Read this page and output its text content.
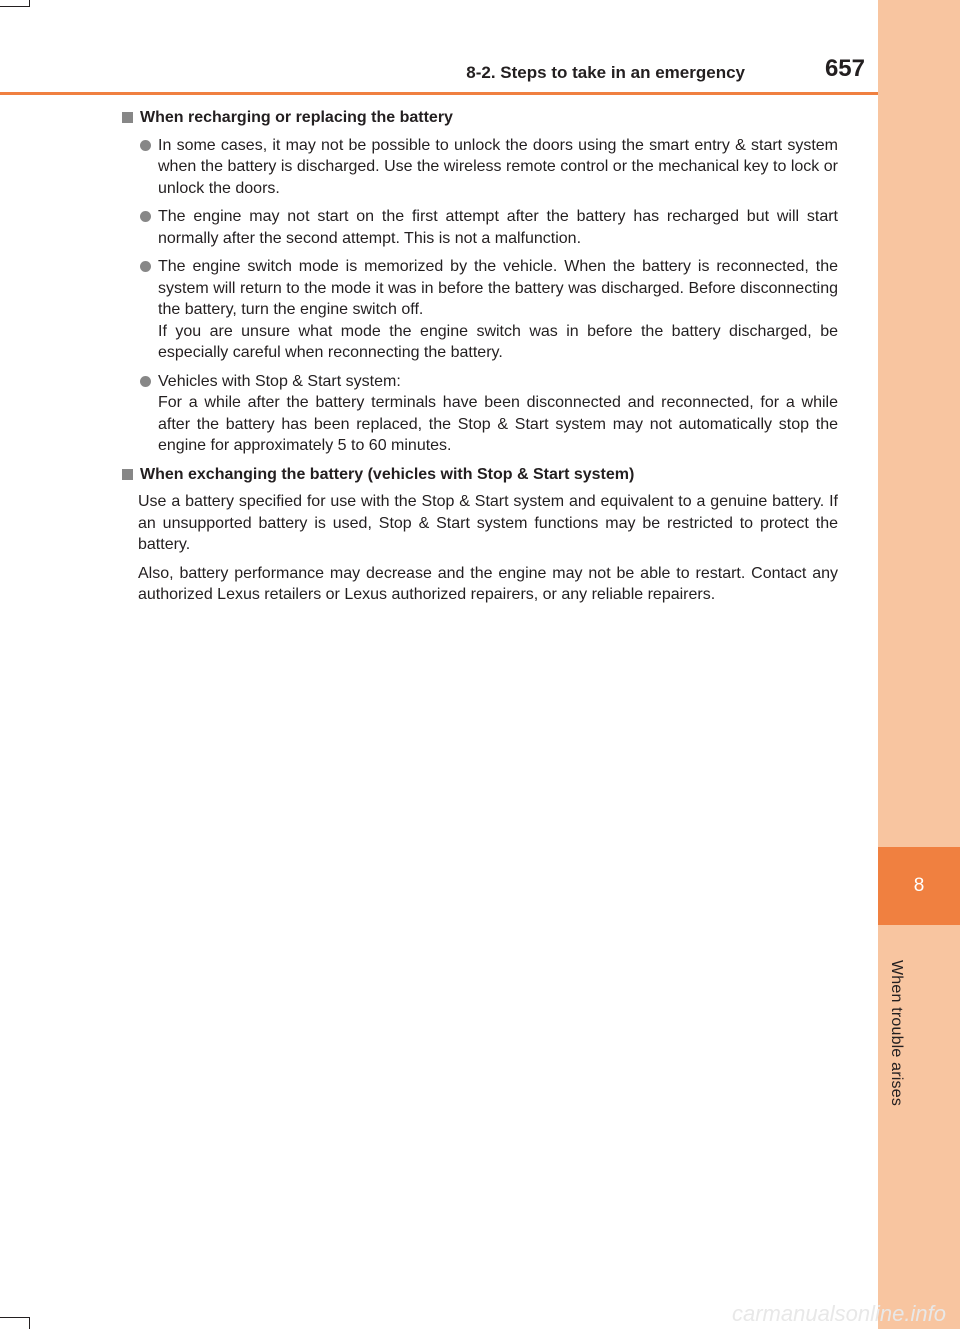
8
When trouble arises
8-2. Steps to take in an emergency	657
When recharging or replacing the battery

In some cases, it may not be possible to unlock the doors using the smart entry & start system when the battery is discharged. Use the wireless remote control or the mechanical key to lock or unlock the doors.

The engine may not start on the first attempt after the battery has recharged but will start normally after the second attempt. This is not a malfunction.

The engine switch mode is memorized by the vehicle. When the battery is reconnected, the system will return to the mode it was in before the battery was discharged. Before disconnecting the battery, turn the engine switch off.

If you are unsure what mode the engine switch was in before the battery discharged, be especially careful when reconnecting the battery.

Vehicles with Stop & Start system:

For a while after the battery terminals have been disconnected and reconnected, for a while after the battery has been replaced, the Stop & Start system may not automatically stop the engine for approximately 5 to 60 minutes.

When exchanging the battery (vehicles with Stop & Start system)

Use a battery specified for use with the Stop & Start system and equivalent to a genuine battery. If an unsupported battery is used, Stop & Start system functions may be restricted to protect the battery.

Also, battery performance may decrease and the engine may not be able to restart. Contact any authorized Lexus retailers or Lexus authorized repairers, or any reliable repairers.

carmanualsonline.info
